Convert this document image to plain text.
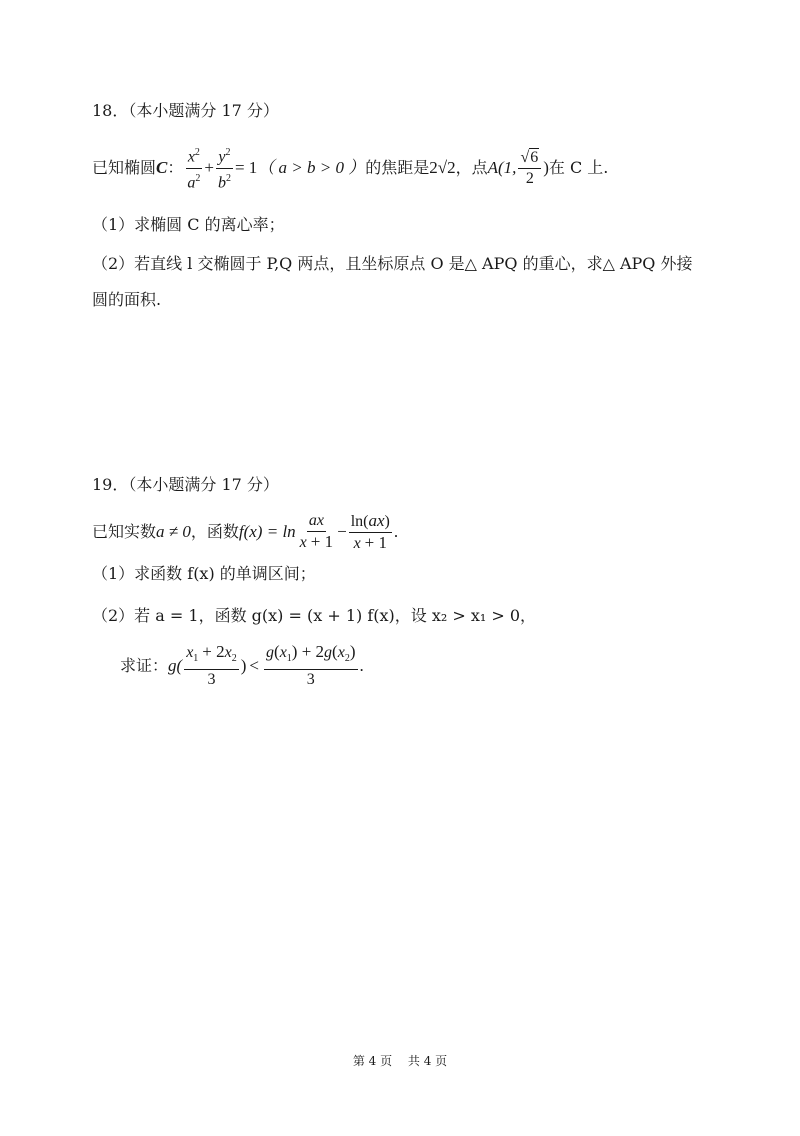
18．（本小题满分 17 分）
已知椭圆 C ： $\frac{x^2}{a^2} + \frac{y^2}{b^2} = 1$ （ a > b > 0 ） 的焦距是 2√2 ，点 A(1, $\frac{√6}{2}$ ) 在 C 上.
（1）求椭圆 C 的离心率；
（2）若直线 l 交椭圆于 P,Q 两点，且坐标原点 O 是△ APQ 的重心，求△ APQ 外接
圆的面积.
19．（本小题满分 17 分）
已知实数 a ≠ 0 ，函数 $f(x) = \ln \frac{ax}{x + 1} - \frac{\ln(ax)}{x + 1}$ .
（1）求函数 f(x) 的单调区间；
（2）若 a = 1，函数 g(x) = (x + 1) f(x)，设 x₂ > x₁ > 0，
求证： $g( \frac{x_1 + 2x_2}{3}$ ) < $\frac{g(x_1) + 2g(x_2)}{3}$ .
第 4 页 共 4 页
